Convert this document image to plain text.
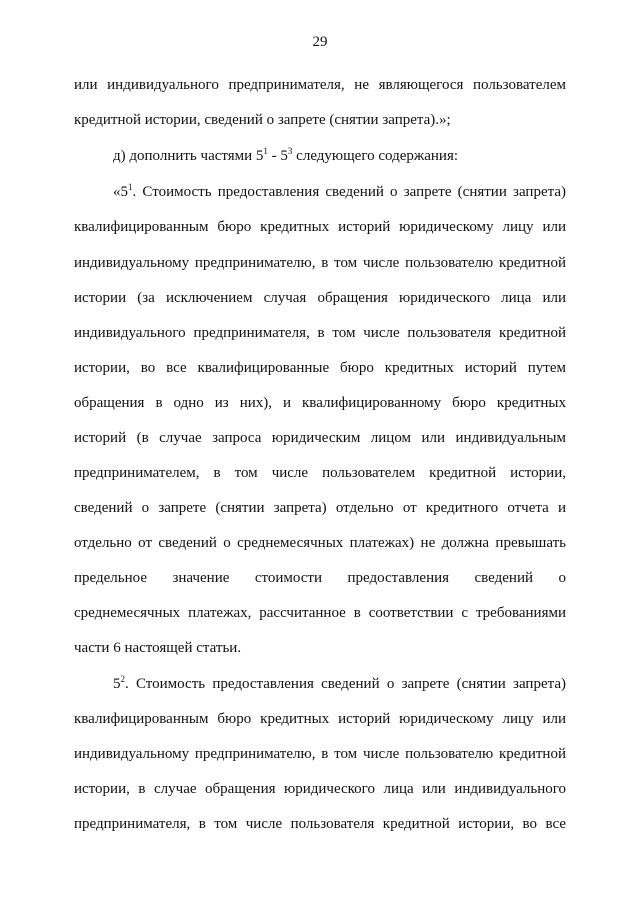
29
или индивидуального предпринимателя, не являющегося пользователем
кредитной истории, сведений о запрете (снятии запрета).»;
д) дополнить частями $5^1 - 5^3$ следующего содержания:
«$5^1$. Стоимость предоставления сведений о запрете (снятии запрета)
квалифицированным бюро кредитных историй юридическому лицу или
индивидуальному предпринимателю, в том числе пользователю кредитной
истории (за исключением случая обращения юридического лица или
индивидуального предпринимателя, в том числе пользователя кредитной
истории, во все квалифицированные бюро кредитных историй путем
обращения в одно из них), и квалифицированному бюро кредитных
историй (в случае запроса юридическим лицом или индивидуальным
предпринимателем, в том числе пользователем кредитной истории,
сведений о запрете (снятии запрета) отдельно от кредитного отчета и
отдельно от сведений о среднемесячных платежах) не должна превышать
предельное значение стоимости предоставления сведений о
среднемесячных платежах, рассчитанное в соответствии с требованиями
части 6 настоящей статьи.
$5^2$. Стоимость предоставления сведений о запрете (снятии запрета)
квалифицированным бюро кредитных историй юридическому лицу или
индивидуальному предпринимателю, в том числе пользователю кредитной
истории, в случае обращения юридического лица или индивидуального
предпринимателя, в том числе пользователя кредитной истории, во все
